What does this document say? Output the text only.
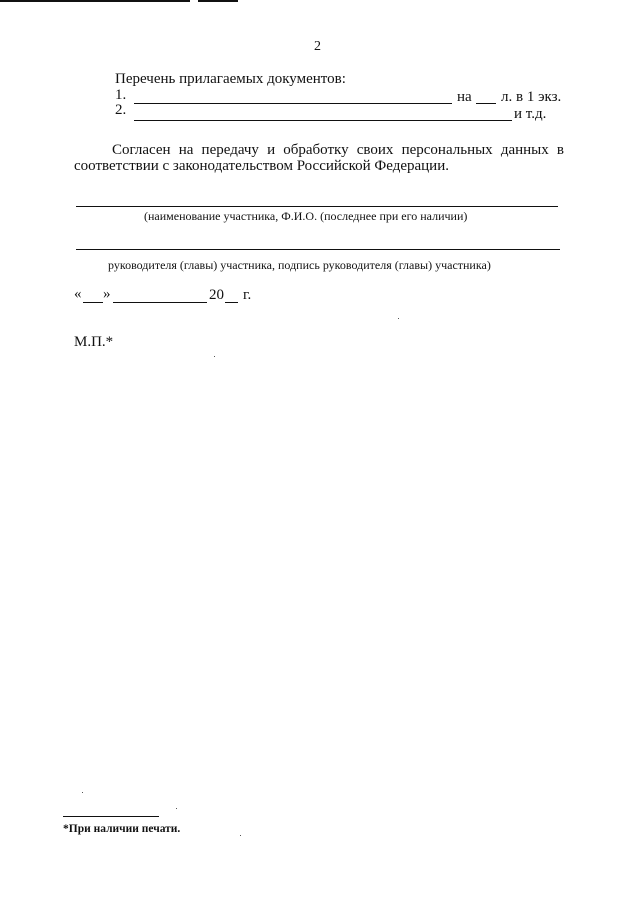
2
Перечень прилагаемых документов:
1.	на л. в 1 экз.
2.	и т.д.
Согласен на передачу и обработку своих персональных данных в
соответствии с законодательством Российской Федерации.
(наименование участника, Ф.И.О. (последнее при его наличии)
руководителя (главы) участника, подпись руководителя (главы) участника)
« »	20 г.
М.П.*
*При наличии печати.
